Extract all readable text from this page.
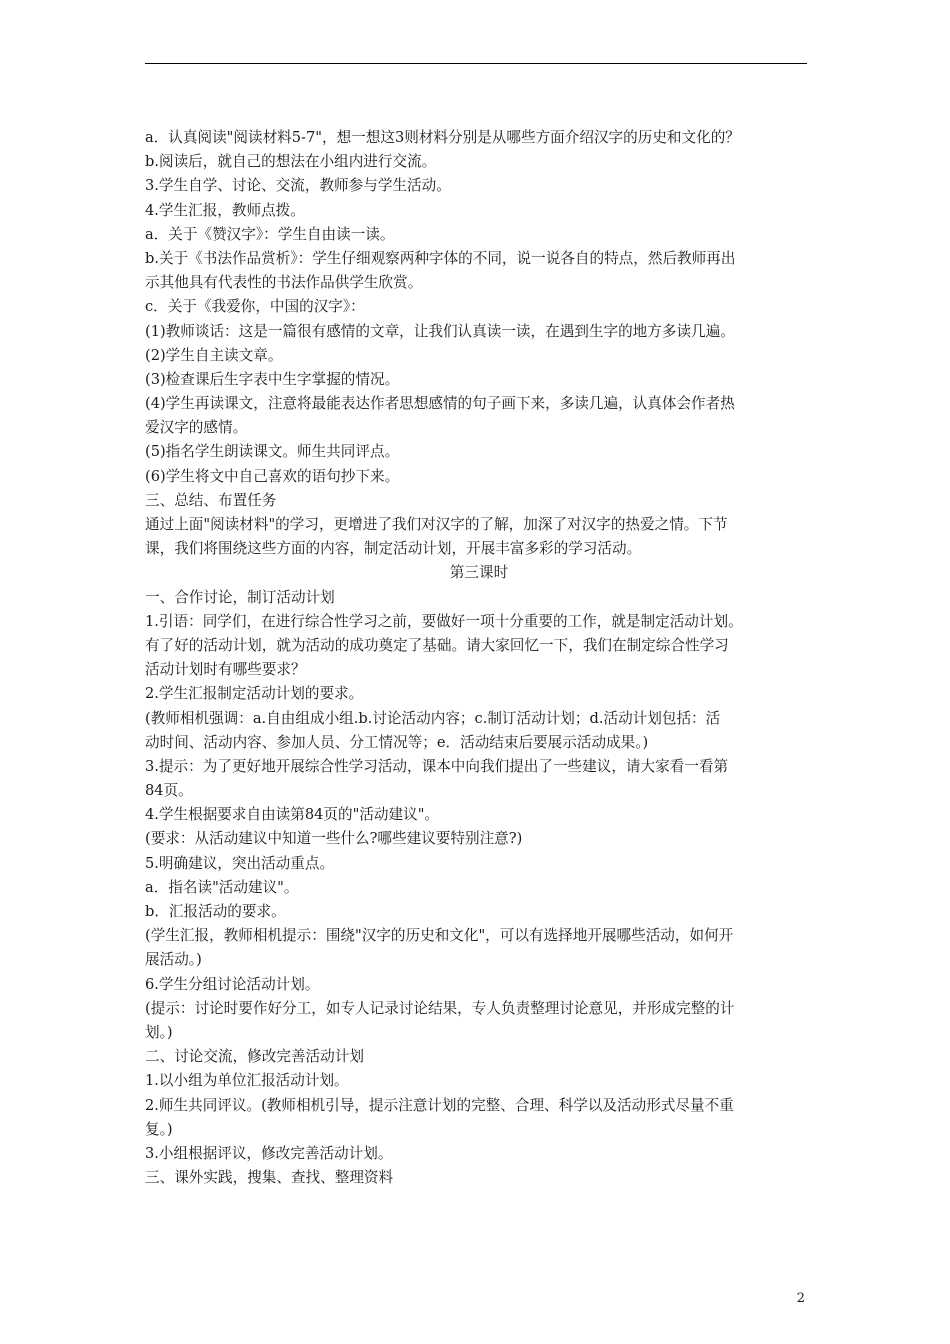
a．认真阅读"阅读材料5-7"，想一想这3则材料分别是从哪些方面介绍汉字的历史和文化的？
b.阅读后，就自己的想法在小组内进行交流。
3.学生自学、讨论、交流，教师参与学生活动。
4.学生汇报，教师点拨。
a．关于《赞汉字》：学生自由读一读。
b.关于《书法作品赏析》：学生仔细观察两种字体的不同，说一说各自的特点，然后教师再出
示其他具有代表性的书法作品供学生欣赏。
c．关于《我爱你，中国的汉字》：
(1)教师谈话：这是一篇很有感情的文章，让我们认真读一读，在遇到生字的地方多读几遍。
(2)学生自主读文章。
(3)检查课后生字表中生字掌握的情况。
(4)学生再读课文，注意将最能表达作者思想感情的句子画下来，多读几遍，认真体会作者热
爱汉字的感情。
(5)指名学生朗读课文。师生共同评点。
(6)学生将文中自己喜欢的语句抄下来。
三、总结、布置任务
通过上面"阅读材料"的学习，更增进了我们对汉字的了解，加深了对汉字的热爱之情。下节
课，我们将围绕这些方面的内容，制定活动计划，开展丰富多彩的学习活动。
第三课时
一、合作讨论，制订活动计划
1.引语：同学们，在进行综合性学习之前，要做好一项十分重要的工作，就是制定活动计划。
有了好的活动计划，就为活动的成功奠定了基础。请大家回忆一下，我们在制定综合性学习
活动计划时有哪些要求？
2.学生汇报制定活动计划的要求。
(教师相机强调：a.自由组成小组.b.讨论活动内容；c.制订活动计划；d.活动计划包括：活
动时间、活动内容、参加人员、分工情况等；e．活动结束后要展示活动成果。)
3.提示：为了更好地开展综合性学习活动，课本中向我们提出了一些建议，请大家看一看第
84页。
4.学生根据要求自由读第84页的"活动建议"。
(要求：从活动建议中知道一些什么?哪些建议要特别注意?)
5.明确建议，突出活动重点。
a．指名读"活动建议"。
b．汇报活动的要求。
(学生汇报，教师相机提示：围绕"汉字的历史和文化"，可以有选择地开展哪些活动，如何开
展活动。)
6.学生分组讨论活动计划。
(提示：讨论时要作好分工，如专人记录讨论结果，专人负责整理讨论意见，并形成完整的计
划。)
二、讨论交流，修改完善活动计划
1.以小组为单位汇报活动计划。
2.师生共同评议。(教师相机引导，提示注意计划的完整、合理、科学以及活动形式尽量不重
复。)
3.小组根据评议，修改完善活动计划。
三、课外实践，搜集、查找、整理资料
2
